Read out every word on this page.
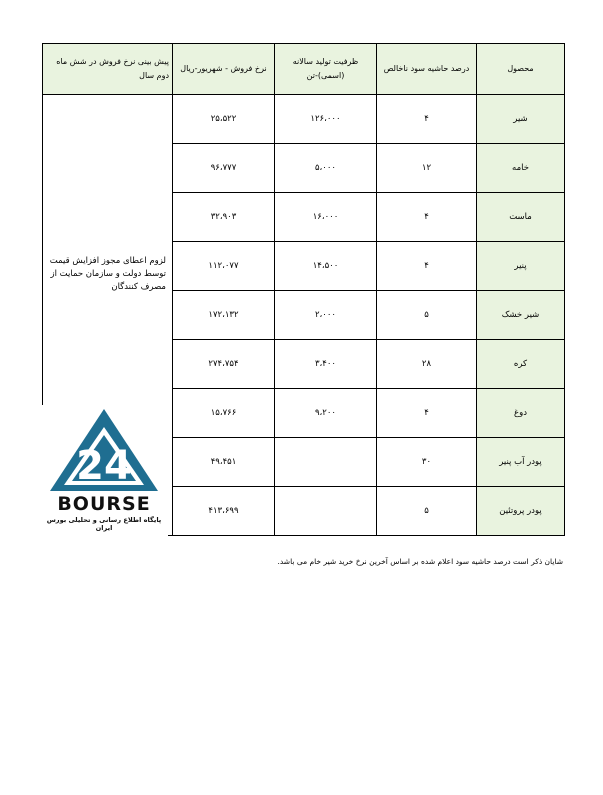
محصول	درصد حاشیه سود ناخالص	ظرفیت تولید سالانه (اسمی)-تن	نرخ فروش - شهریور-ریال	پیش بینی نرخ فروش در شش ماه دوم سال
شیر	۴	۱۲۶،۰۰۰	۲۵،۵۲۲	لزوم اعطای مجوز افزایش قیمت توسط دولت و سازمان حمایت از مصرف کنندگان

خامه	۱۲	۵،۰۰۰	۹۶،۷۷۷	
ماست	۴	۱۶،۰۰۰	۳۲،۹۰۳	
پنیر	۴	۱۴،۵۰۰	۱۱۲،۰۷۷	
شیر خشک	۵	۲،۰۰۰	۱۷۲،۱۳۲	
کره	۲۸	۳،۴۰۰	۲۷۴،۷۵۴	
دوغ	۴	۹،۲۰۰	۱۵،۷۶۶	
پودر آب پنیر	۳۰		۴۹،۴۵۱	
پودر پروتئین	۵		۴۱۳،۶۹۹	
24
BOURSE
پایگاه اطلاع رسانی و تحلیلی بورس ایران
شایان ذکر است درصد حاشیه سود اعلام شده بر اساس آخرین نرخ خرید شیر خام می باشد.
